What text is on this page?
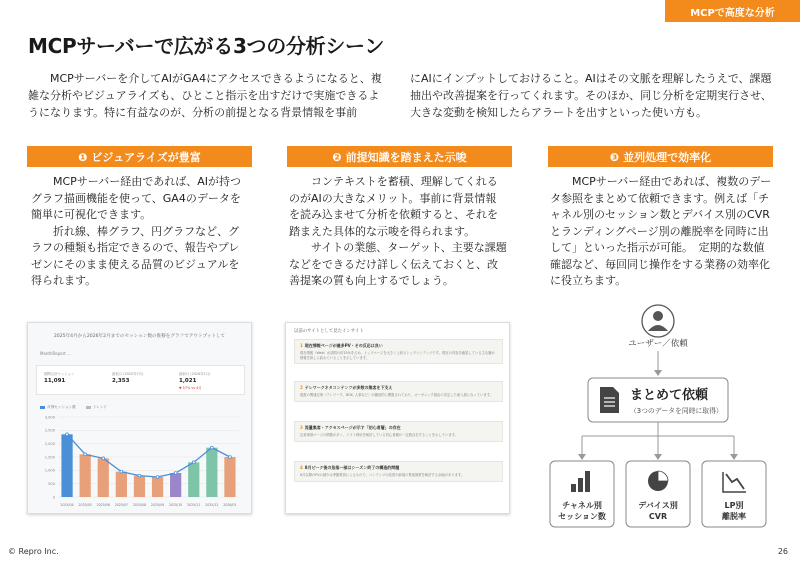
MCPで高度な分析
MCPサーバーで広がる3つの分析シーン

MCPサーバーを介してAIがGA4にアクセスできるようになると、複雑な分析やビジュアライズも、ひとこと指示を出すだけで実施できるようになります。特に有益なのが、分析の前提となる背景情報を事前

にAIにインプットしておけること。AIはその文脈を理解したうえで、課題抽出や改善提案を行ってくれます。そのほか、同じ分析を定期実行させ、大きな変動を検知したらアラートを出すといった使い方も。

❶ ビジュアライズが豊富

MCPサーバー経由であれば、AIが持つグラフ描画機能を使って、GA4のデータを簡単に可視化できます。

折れ線、棒グラフ、円グラフなど、グラフの種類も指定できるので、報告やプレゼンにそのまま使える品質のビジュアルを得られます。

❷ 前提知識を踏まえた示唆

コンテキストを蓄積、理解してくれるのがAIの大きなメリット。事前に背景情報を読み込ませて分析を依頼すると、それを踏まえた具体的な示唆を得られます。

サイトの業態、ターゲット、主要な課題などをできるだけ詳しく伝えておくと、改善提案の質も向上するでしょう。

❸ 並列処理で効率化

MCPサーバー経由であれば、複数のデータ参照をまとめて依頼できます。例えば「チャネル別のセッション数とデバイス別のCVRとランディングページ別の離脱率を同時に出して」といった指示が可能。　定期的な数値確認など、毎回同じ操作をする業務の効率化に役立ちます。

2025年4月から2026年2月までのセッション数の推移をグラフでアウトプットして
MonthReport ...
期間合計セッション
11,091
最低月 (2025年7月)
2,353
最新月 (2026年1月)
1,021
▼ 57% vs 4月
月別セッション数	トレンド
3,000
2,500
2,000
1,500
1,000
500
0
2025/04 2025/05 2025/06 2025/07 2025/08 2025/09 2025/10 2025/11 2025/12 2026/01
以前のサイトとして見たインサイト
1 現在情報ページが最多PV・その反応は良い
現在情報（Web）が訪問の約15%を占め、トップページを大きく上回るトップコンテンツです。現在の内容を確認している主な層が情報を探しに訪れていることを示しています。
2 テレワークネタコンテンツが多数の集客を下支え
複数の関連記事（テレワーク、BOX, 人事など）が継続的に閲覧されており、オーガニック経由の安定した流入源になっています。
3 流量集客・アクセスページが示す「初心者層」の存在
注意事項ページの閲覧が多く、ソフト利用を検討している初心者層が一定数存在することを示しています。
4 8月ピーク後の急落一部はシーズン終了の構造的問題
8月以降のPVの減少は季節要因によるもので、コンテンツの改善や新規の集客施策を検討する余地があります。
ユーザー／依頼
まとめて依頼
（3つのデータを同時に取得）
チャネル別
セッション数
デバイス別
CVR
LP別
離脱率
© Repro Inc.	26
